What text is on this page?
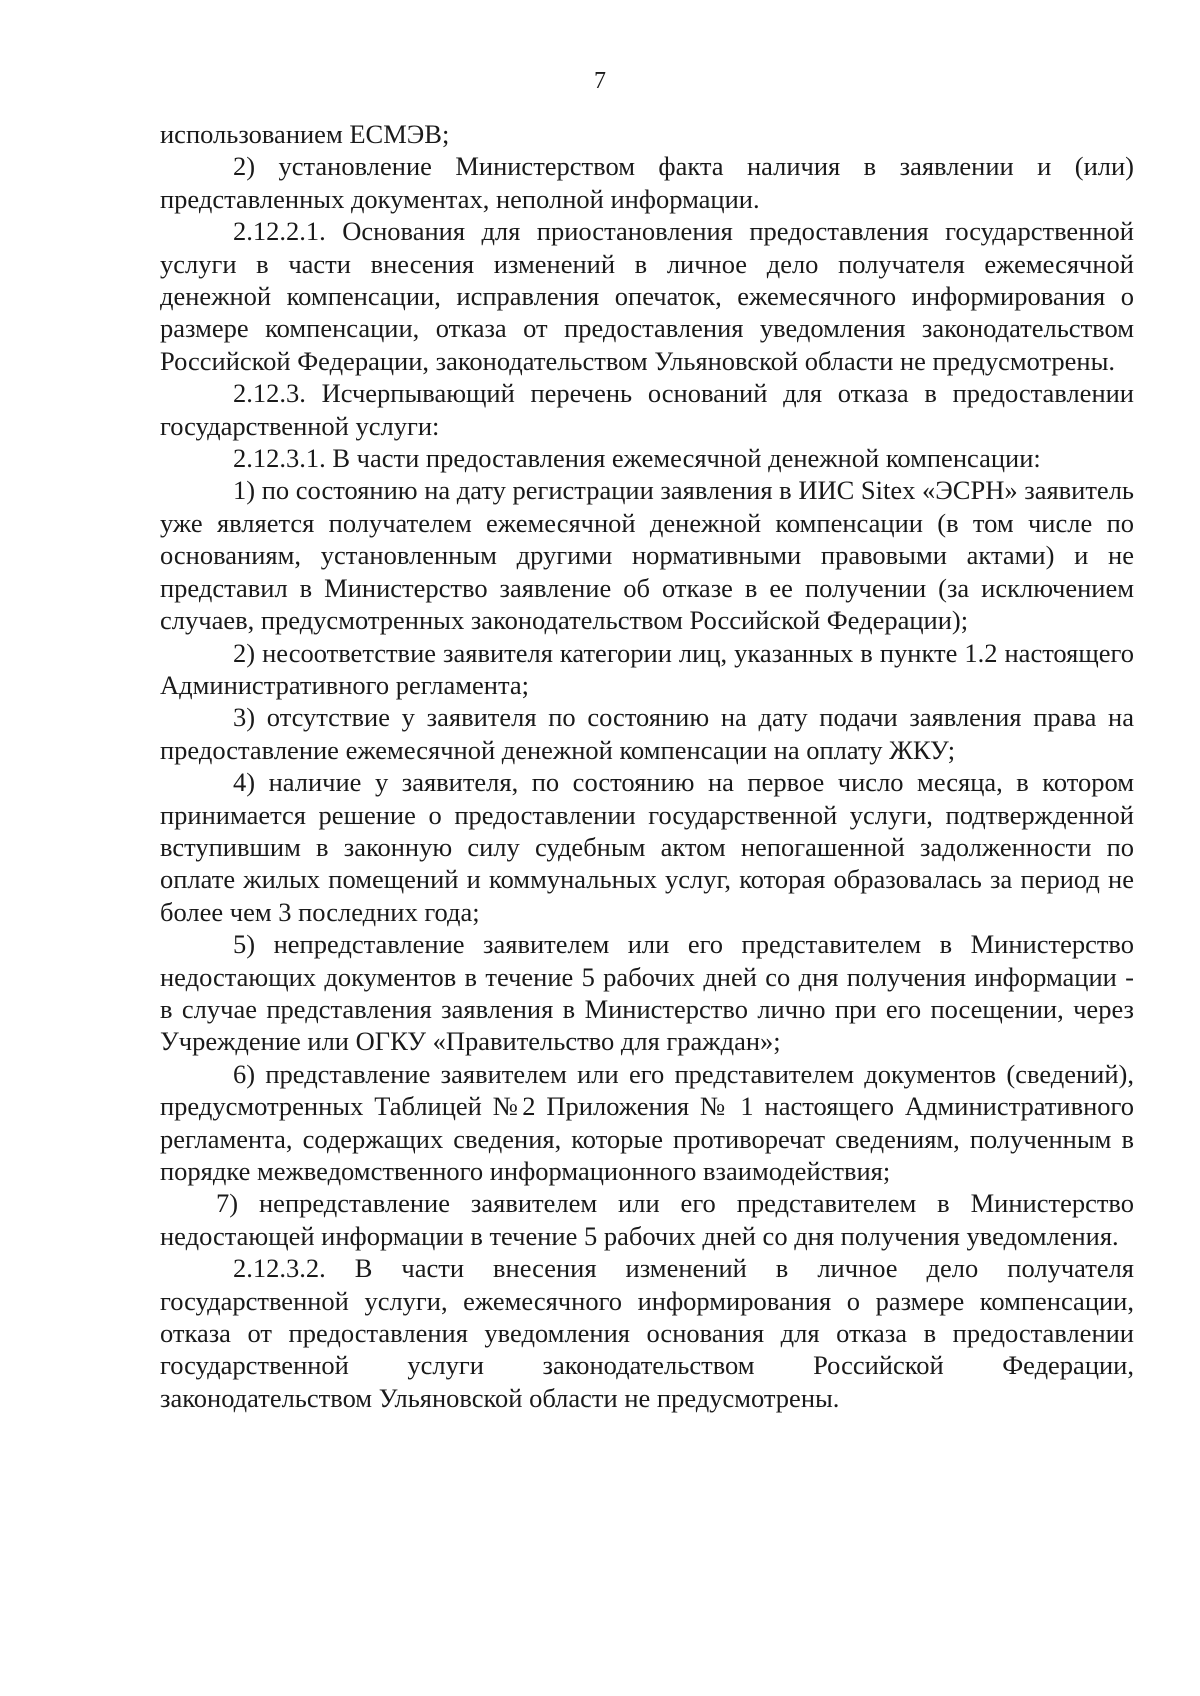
7

использованием ЕСМЭВ;

2) установление Министерством факта наличия в заявлении и (или) представленных документах, неполной информации.

2.12.2.1. Основания для приостановления предоставления государственной услуги в части внесения изменений в личное дело получателя ежемесячной денежной компенсации, исправления опечаток, ежемесячного информирования о размере компенсации, отказа от предоставления уведомления законодательством Российской Федерации, законодательством Ульяновской области не предусмотрены.

2.12.3. Исчерпывающий перечень оснований для отказа в предоставлении государственной услуги:

2.12.3.1. В части предоставления ежемесячной денежной компенсации:

1) по состоянию на дату регистрации заявления в ИИС Sitex «ЭСРН» заявитель уже является получателем ежемесячной денежной компенсации (в том числе по основаниям, установленным другими нормативными правовыми актами) и не представил в Министерство заявление об отказе в ее получении (за исключением случаев, предусмотренных законодательством Российской Федерации);

2) несоответствие заявителя категории лиц, указанных в пункте 1.2 настоящего Административного регламента;

3) отсутствие у заявителя по состоянию на дату подачи заявления права на предоставление ежемесячной денежной компенсации на оплату ЖКУ;

4) наличие у заявителя, по состоянию на первое число месяца, в котором принимается решение о предоставлении государственной услуги, подтвержденной вступившим в законную силу судебным актом непогашенной задолженности по оплате жилых помещений и коммунальных услуг, которая образовалась за период не более чем 3 последних года;

5) непредставление заявителем или его представителем в Министерство недостающих документов в течение 5 рабочих дней со дня получения информации - в случае представления заявления в Министерство лично при его посещении, через Учреждение или ОГКУ «Правительство для граждан»;

6) представление заявителем или его представителем документов (сведений), предусмотренных Таблицей №2 Приложения № 1 настоящего Административного регламента, содержащих сведения, которые противоречат сведениям, полученным в порядке межведомственного информационного взаимодействия;

7) непредставление заявителем или его представителем в Министерство недостающей информации в течение 5 рабочих дней со дня получения уведомления.

2.12.3.2. В части внесения изменений в личное дело получателя государственной услуги, ежемесячного информирования о размере компенсации, отказа от предоставления уведомления основания для отказа в предоставлении государственной услуги законодательством Российской Федерации, законодательством Ульяновской области не предусмотрены.
